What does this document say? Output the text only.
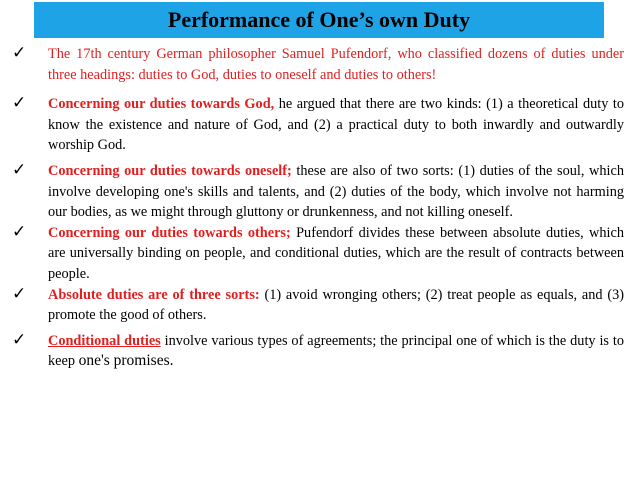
Performance of One’s own Duty
✓ The 17th century German philosopher Samuel Pufendorf, who classified dozens of duties under three headings: duties to God, duties to oneself and duties to others!
✓ Concerning our duties towards God, he argued that there are two kinds: (1) a theoretical duty to know the existence and nature of God, and (2) a practical duty to both inwardly and outwardly worship God.
✓ Concerning our duties towards oneself; these are also of two sorts: (1) duties of the soul, which involve developing one's skills and talents, and (2) duties of the body, which involve not harming our bodies, as we might through gluttony or drunkenness, and not killing oneself.
✓ Concerning our duties towards others; Pufendorf divides these between absolute duties, which are universally binding on people, and conditional duties, which are the result of contracts between people.
✓ Absolute duties are of three sorts: (1) avoid wronging others; (2) treat people as equals, and (3) promote the good of others.
✓ Conditional duties involve various types of agreements; the principal one of which is the duty is to keep one's promises.
